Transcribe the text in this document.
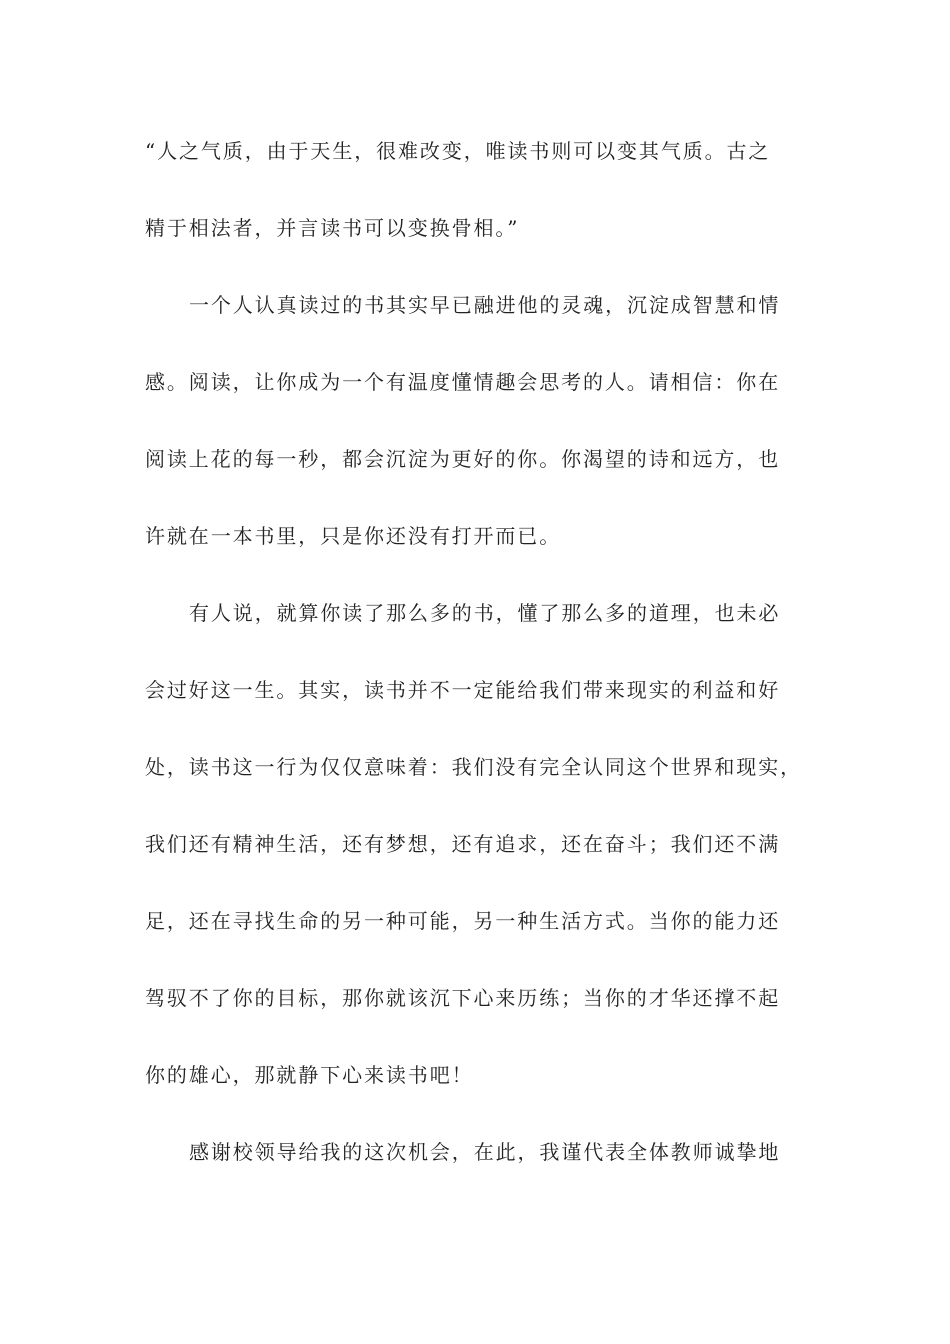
“人之气质，由于天生，很难改变，唯读书则可以变其气质。古之
精于相法者，并言读书可以变换骨相。”
一个人认真读过的书其实早已融进他的灵魂，沉淀成智慧和情
感。阅读，让你成为一个有温度懂情趣会思考的人。请相信：你在
阅读上花的每一秒，都会沉淀为更好的你。你渴望的诗和远方，也
许就在一本书里，只是你还没有打开而已。
有人说，就算你读了那么多的书，懂了那么多的道理，也未必
会过好这一生。其实，读书并不一定能给我们带来现实的利益和好
处，读书这一行为仅仅意味着：我们没有完全认同这个世界和现实，
我们还有精神生活，还有梦想，还有追求，还在奋斗；我们还不满
足，还在寻找生命的另一种可能，另一种生活方式。当你的能力还
驾驭不了你的目标，那你就该沉下心来历练；当你的才华还撑不起
你的雄心，那就静下心来读书吧！
感谢校领导给我的这次机会，在此，我谨代表全体教师诚挚地
